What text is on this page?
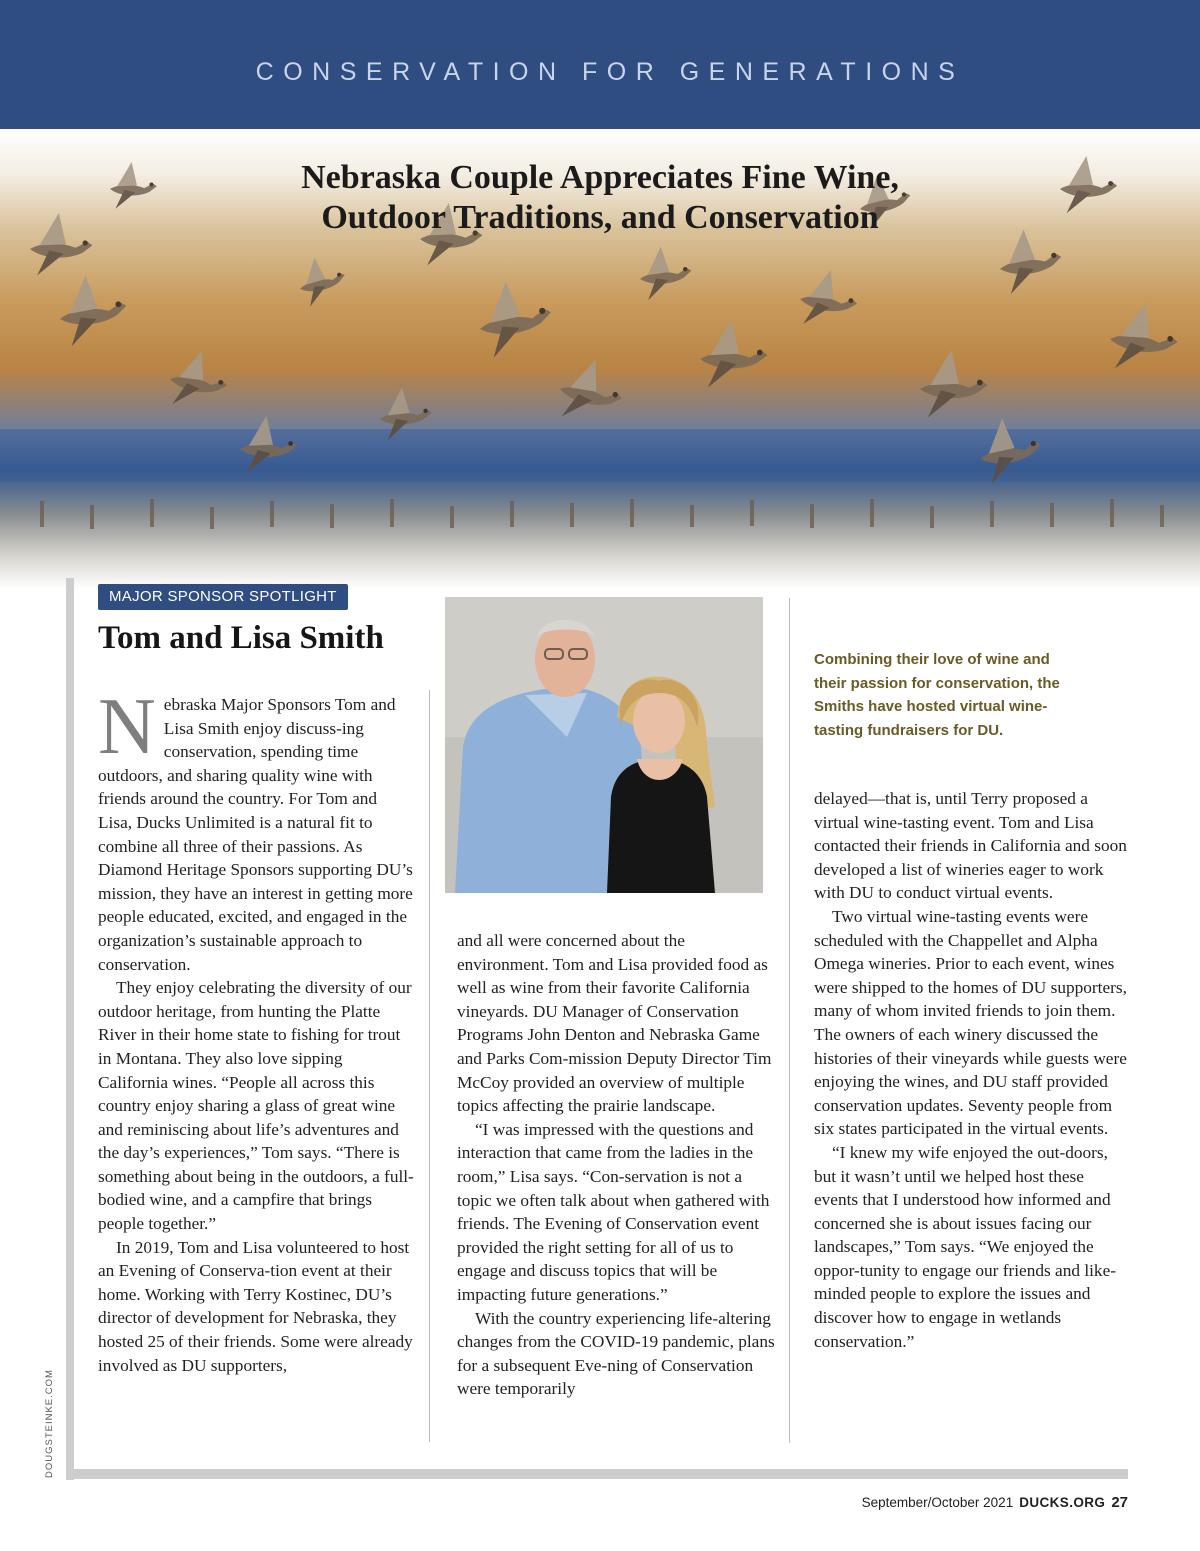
CONSERVATION FOR GENERATIONS
Nebraska Couple Appreciates Fine Wine,
Outdoor Traditions, and Conservation
MAJOR SPONSOR SPOTLIGHT
Tom and Lisa Smith

Nebraska Major Sponsors Tom and Lisa Smith enjoy discuss-ing conservation, spending time outdoors, and sharing quality wine with friends around the country. For Tom and Lisa, Ducks Unlimited is a natural fit to combine all three of their passions. As Diamond Heritage Sponsors supporting DU’s mission, they have an interest in getting more people educated, excited, and engaged in the organization’s sustainable approach to conservation.

They enjoy celebrating the diversity of our outdoor heritage, from hunting the Platte River in their home state to fishing for trout in Montana. They also love sipping California wines. “People all across this country enjoy sharing a glass of great wine and reminiscing about life’s adventures and the day’s experiences,” Tom says. “There is something about being in the outdoors, a full-bodied wine, and a campfire that brings people together.”

In 2019, Tom and Lisa volunteered to host an Evening of Conserva-tion event at their home. Working with Terry Kostinec, DU’s director of development for Nebraska, they hosted 25 of their friends. Some were already involved as DU supporters,

and all were concerned about the environment. Tom and Lisa provided food as well as wine from their favorite California vineyards. DU Manager of Conservation Programs John Denton and Nebraska Game and Parks Com-mission Deputy Director Tim McCoy provided an overview of multiple topics affecting the prairie landscape.

“I was impressed with the questions and interaction that came from the ladies in the room,” Lisa says. “Con-servation is not a topic we often talk about when gathered with friends. The Evening of Conservation event provided the right setting for all of us to engage and discuss topics that will be impacting future generations.”

With the country experiencing life-altering changes from the COVID-19 pandemic, plans for a subsequent Eve-ning of Conservation were temporarily

Combining their love of wine and their passion for conservation, the Smiths have hosted virtual wine-tasting fundraisers for DU.

delayed—that is, until Terry proposed a virtual wine-tasting event. Tom and Lisa contacted their friends in California and soon developed a list of wineries eager to work with DU to conduct virtual events.

Two virtual wine-tasting events were scheduled with the Chappellet and Alpha Omega wineries. Prior to each event, wines were shipped to the homes of DU supporters, many of whom invited friends to join them. The owners of each winery discussed the histories of their vineyards while guests were enjoying the wines, and DU staff provided conservation updates. Seventy people from six states participated in the virtual events.

“I knew my wife enjoyed the out-doors, but it wasn’t until we helped host these events that I understood how informed and concerned she is about issues facing our landscapes,” Tom says. “We enjoyed the oppor-tunity to engage our friends and like-minded people to explore the issues and discover how to engage in wetlands conservation.”

DOUGSTEINKE.COM
September/October 2021 DUCKS.ORG 27
